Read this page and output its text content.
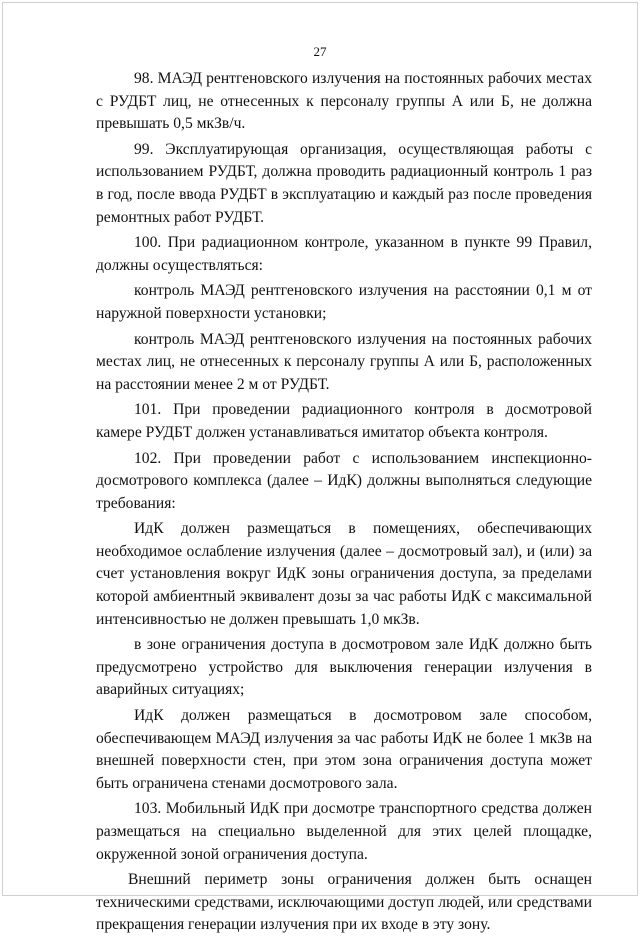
27

98. МАЭД рентгеновского излучения на постоянных рабочих местах с РУДБТ лиц, не отнесенных к персоналу группы А или Б, не должна превышать 0,5 мкЗв/ч.

99. Эксплуатирующая организация, осуществляющая работы с использованием РУДБТ, должна проводить радиационный контроль 1 раз в год, после ввода РУДБТ в эксплуатацию и каждый раз после проведения ремонтных работ РУДБТ.

100. При радиационном контроле, указанном в пункте 99 Правил, должны осуществляться:

контроль МАЭД рентгеновского излучения на расстоянии 0,1 м от наружной поверхности установки;

контроль МАЭД рентгеновского излучения на постоянных рабочих местах лиц, не отнесенных к персоналу группы А или Б, расположенных на расстоянии менее 2 м от РУДБТ.

101. При проведении радиационного контроля в досмотровой камере РУДБТ должен устанавливаться имитатор объекта контроля.

102. При проведении работ с использованием инспекционно-досмотрового комплекса (далее – ИдК) должны выполняться следующие требования:

ИдК должен размещаться в помещениях, обеспечивающих необходимое ослабление излучения (далее – досмотровый зал), и (или) за счет установления вокруг ИдК зоны ограничения доступа, за пределами которой амбиентный эквивалент дозы за час работы ИдК с максимальной интенсивностью не должен превышать 1,0 мкЗв.

в зоне ограничения доступа в досмотровом зале ИдК должно быть предусмотрено устройство для выключения генерации излучения в аварийных ситуациях;

ИдК должен размещаться в досмотровом зале способом, обеспечивающем МАЭД излучения за час работы ИдК не более 1 мкЗв на внешней поверхности стен, при этом зона ограничения доступа может быть ограничена стенами досмотрового зала.

103. Мобильный ИдК при досмотре транспортного средства должен размещаться на специально выделенной для этих целей площадке, окруженной зоной ограничения доступа.

Внешний периметр зоны ограничения должен быть оснащен техническими средствами, исключающими доступ людей, или средствами прекращения генерации излучения при их входе в эту зону.
